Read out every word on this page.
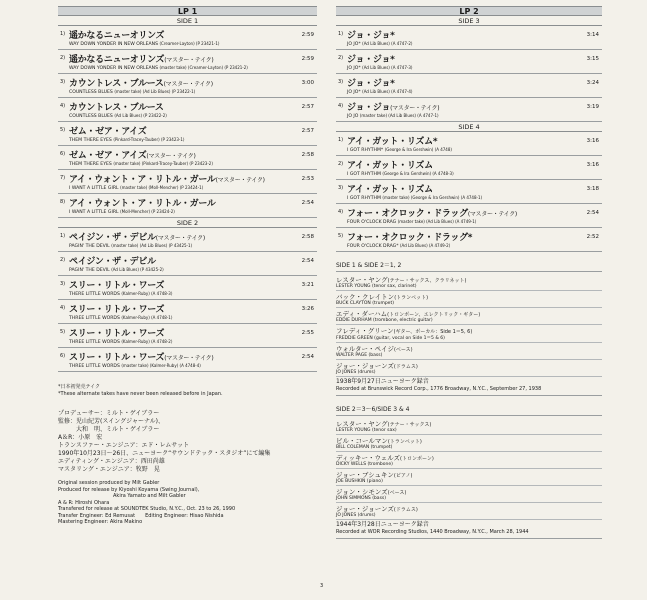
LP 1
SIDE 1
1) 遥かなるニューオリンズ
WAY DOWN YONDER IN NEW ORLEANS (Creamer-Layton) (P 23421-1)
2:59
2) 遥かなるニューオリンズ(マスター・テイク)
WAY DOWN YONDER IN NEW ORLEANS (master take) (Creamer-Layton) (P 23421-2)
2:59
3) カウントレス・ブルース(マスター・テイク)
COUNTLESS BLUES (master take) (Ad Lib Blues) (P 23422-1)
3:00
4) カウントレス・ブルース
COUNTLESS BLUES (Ad Lib Blues) (P 23422-2)
2:57
5) ゼム・ゼア・アイズ
THEM THERE EYES (Pinkard-Tracey-Tauber) (P 23423-1)
2:57
6) ゼム・ゼア・アイズ(マスター・テイク)
THEM THERE EYES (master take) (Pinkard-Tracey-Tauber) (P 23423-2)
2:58
7) アイ・ウォント・ア・リトル・ガール(マスター・テイク)
I WANT A LITTLE GIRL (master take) (Moll-Mencher) (P 23424-1)
2:53
8) アイ・ウォント・ア・リトル・ガール
I WANT A LITTLE GIRL (Moll-Mencher) (P 23424-2)
2:54
SIDE 2
1) ペイジン・ザ・デビル(マスター・テイク)
PAGIN' THE DEVIL (master take) (Ad Lib Blues) (P 43425-1)
2:58
2) ペイジン・ザ・デビル
PAGIN' THE DEVIL (Ad Lib Blues) (P 43425-2)
2:54
3) スリー・リトル・ワーズ
THERE LITTLE WORDS (Kalmer-Ruby) (A 4748-3)
3:21
4) スリー・リトル・ワーズ
THREE LITTLE WORDS (Kalmer-Ruby) (A 4748-1)
3:26
5) スリー・リトル・ワーズ
THREE LITTLE WORDS (Kalmer-Ruby) (A 4748-2)
2:55
6) スリー・リトル・ワーズ(マスター・テイク)
THREE LITTLE WORDS (master take) (Kalmer-Ruby) (A 4748-4)
2:54
*日本初発売テイク
*These alternate takes have never been released before in Japan.
プロデューサー：ミルト・ゲイブラー
監修：児山紀芳(スイングジャーナル)、
　　　大和　明、ミルト・ゲイブラー
A＆R：小原　宏
トランスファー・エンジニア：エド・レムサット
1990年10月23日〜26日、ニューヨーク“サウンドテック・スタジオ”にて編集
エディティング・エンジニア：西田尚雄
マスタリング・エンジニア：牧野　晃
Original session produced by Milt Gabler
Produced for release by Kiyoshi Koyama (Swing Journal),
　　　　　　　　　　　Akira Yamato and Milt Gabler
A & R: Hiroshi Ohara
Transfered for release at SOUNDTEK Studio, N.Y.C., Oct. 23 to 26, 1990
Transfer Engineer: Ed Remusat　　Editing Engineer: Hisao Nishida
Mastering Engineer: Akira Makino
LP 2
SIDE 3
1) ジョ・ジョ*
JO JO* (Ad Lib Blues) (A 4747-2)
3:14
2) ジョ・ジョ*
JO JO* (Ad Lib Blues) (A 4747-3)
3:15
3) ジョ・ジョ*
JO JO* (Ad Lib Blues) (A 4747-4)
3:24
4) ジョ・ジョ(マスター・テイク)
JO JO (master take) (Ad Lib Blues) (A 4747-1)
3:19
SIDE 4
1) アイ・ガット・リズム*
I GOT RHYTHM* (George & Ira Gershwin) (A 4748)
3:16
2) アイ・ガット・リズム
I GOT RHYTHM (George & Ira Gershwin) (A 4748-3)
3:16
3) アイ・ガット・リズム
I GOT RHYTHM (master take) (George & Ira Gershwin) (A 4748-1)
3:18
4) フォー・オクロック・ドラッグ(マスター・テイク)
FOUR O'CLOCK DRAG (master take) (Ad Lib Blues) (A 4749-1)
2:54
5) フォー・オクロック・ドラッグ*
FOUR O'CLOCK DRAG* (Ad Lib Blues) (A 4749-2)
2:52
SIDE 1 & SIDE 2＝1, 2
レスター・ヤング(テナー・サックス、クラリネット)
LESTER YOUNG (tenor sax, clarinet)
バック・クレイトン(トランペット)
BUCK CLAYTON (trumpet)
エディ・ダーハム(トロンボーン、エレクトリック・ギター)
EDDIE DURHAM (trombone, electric guitar)
フレディ・グリーン(ギター、ボーカル：Side 1＝5, 6)
FREDDIE GREEN (guitar, vocal on Side 1＝5 & 6)
ウォルター・ペイジ(ベース)
WALTER PAGE (bass)
ジョー・ジョーンズ(ドラムス)
JO JONES (drums)
1938年9月27日ニューヨーク録音
Recorded at Brunswick Record Corp., 1776 Broadway, N.Y.C., September 27, 1938
SIDE 2＝3〜6/SIDE 3 & 4
レスター・ヤング(テナー・サックス)
LESTER YOUNG (tenor sax)
ビル・コールマン(トランペット)
BILL COLEMAN (trumpet)
ディッキー・ウェルズ(トロンボーン)
DICKY WELLS (trombone)
ジョー・ブシュキン(ピアノ)
JOE BUSHKIN (piano)
ジョン・シモンズ(ベース)
JOHN SIMMONS (bass)
ジョー・ジョーンズ(ドラムス)
JO JONES (drums)
1944年3月28日ニューヨーク録音
Recorded at WOR Recording Studios, 1440 Broadway, N.Y.C., March 28, 1944
3
